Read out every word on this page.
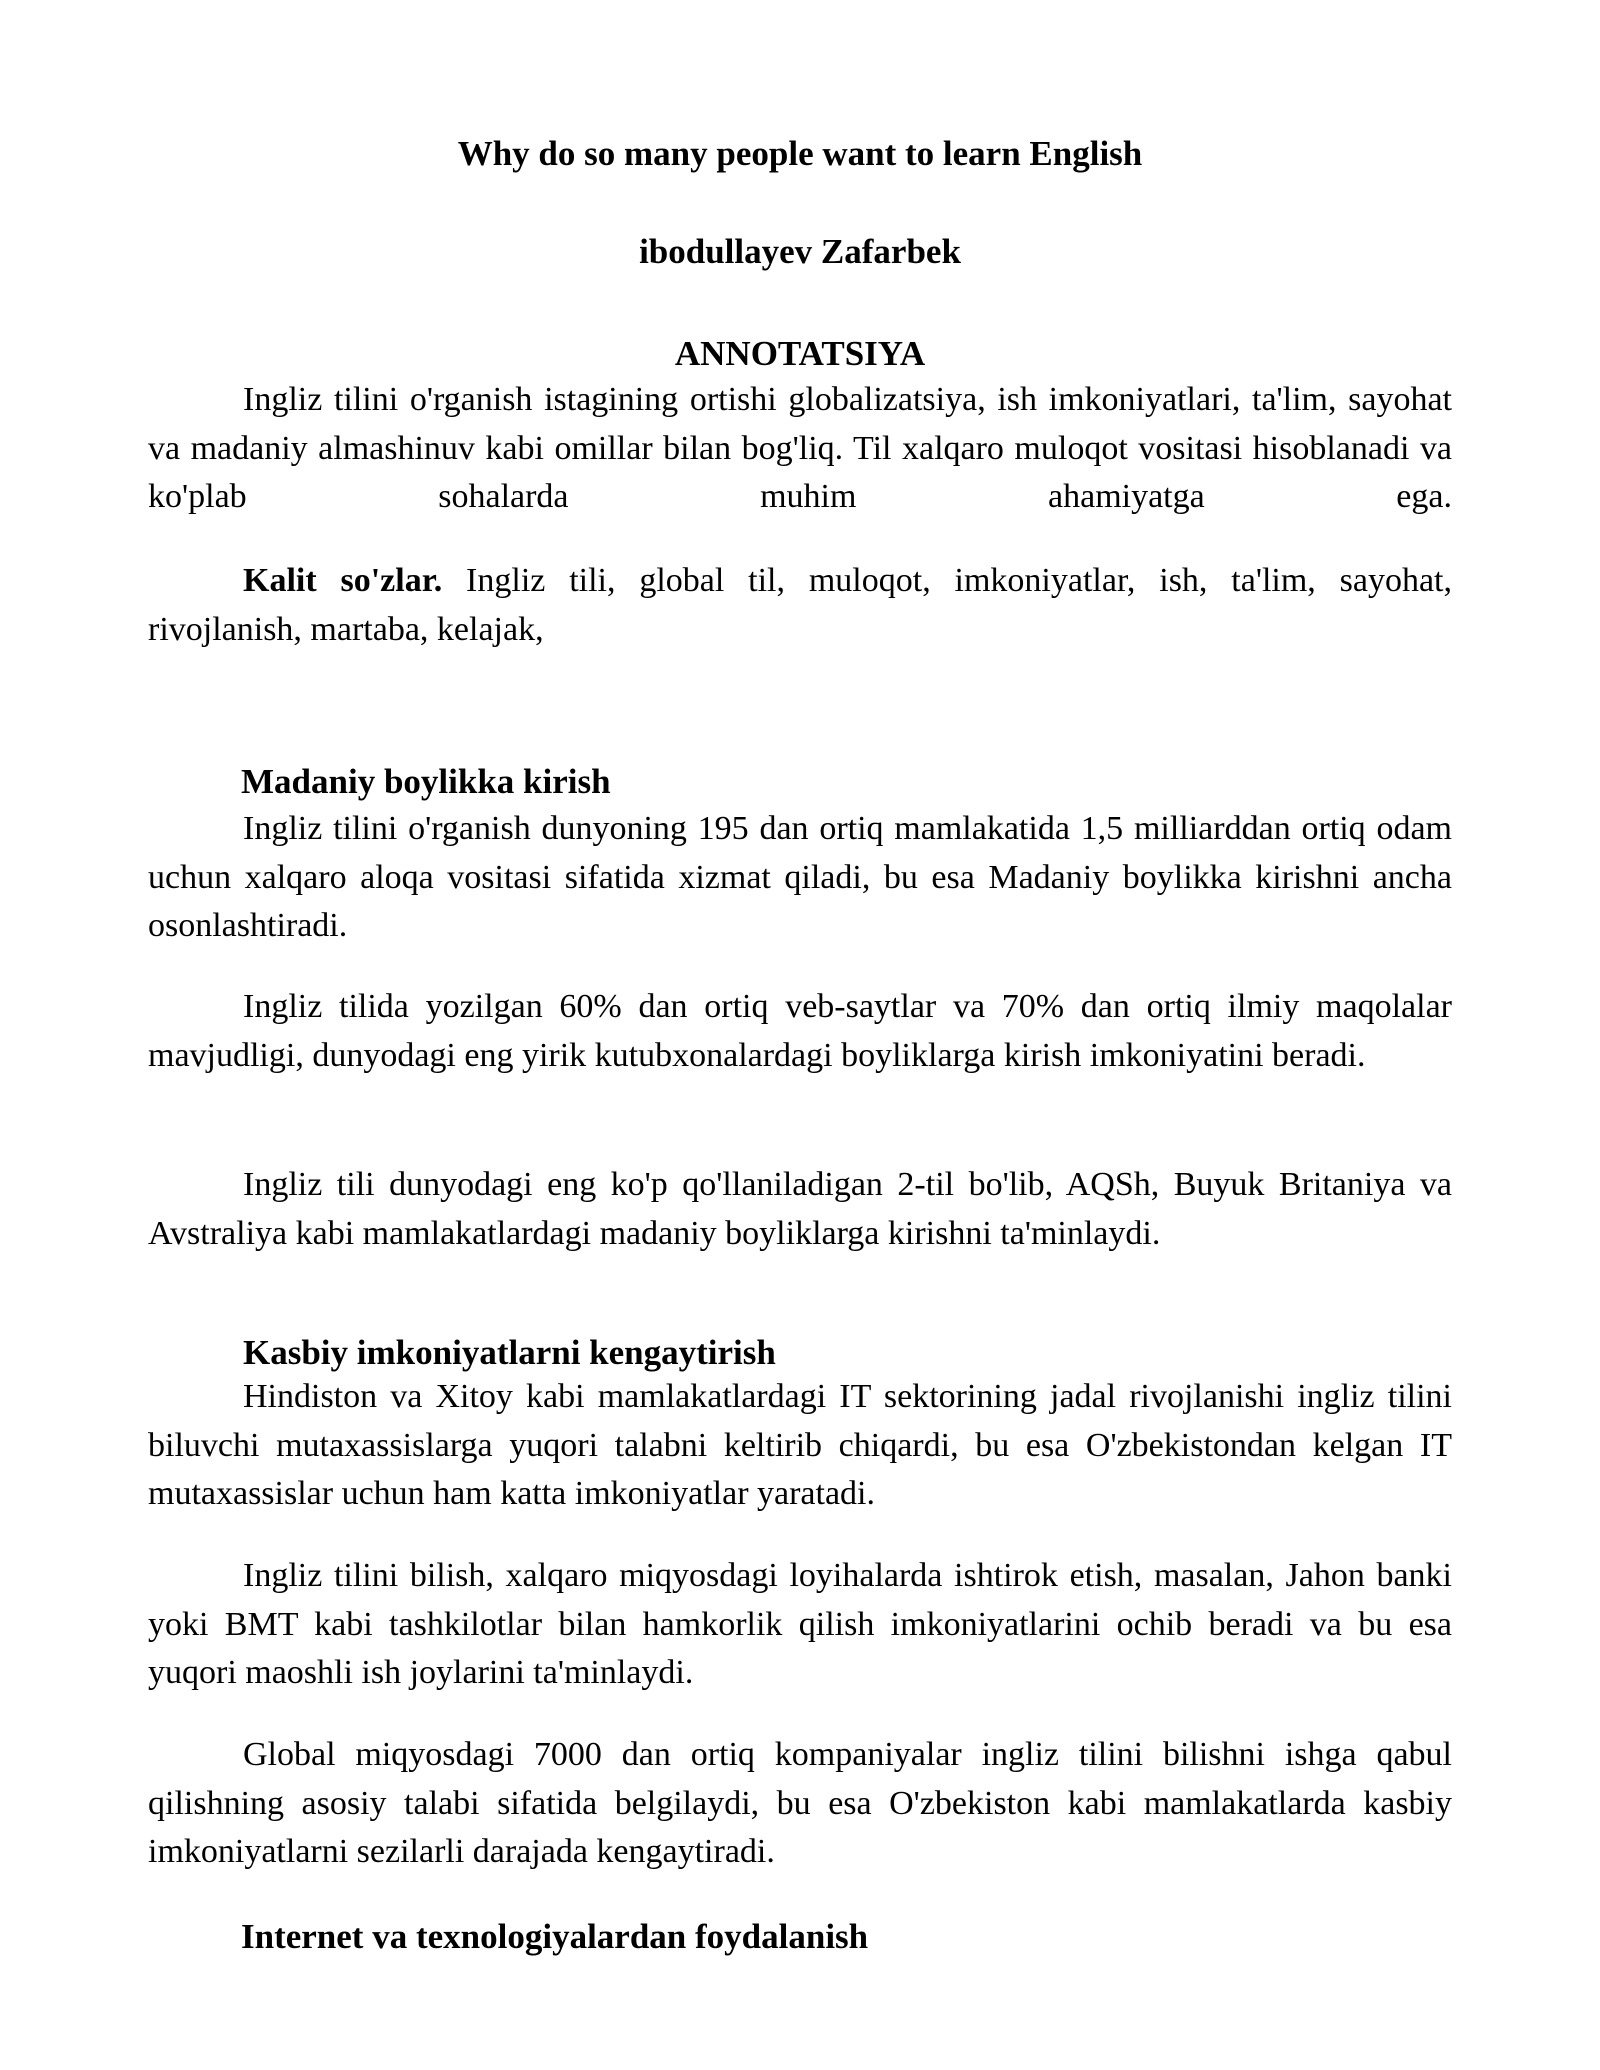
Why do so many people want to learn English
ibodullayev Zafarbek
ANNOTATSIYA

Ingliz tilini o'rganish istagining ortishi globalizatsiya, ish imkoniyatlari, ta'lim, sayohat va madaniy almashinuv kabi omillar bilan bog'liq. Til xalqaro muloqot vositasi hisoblanadi va ko'plab sohalarda muhim ahamiyatga ega.

Kalit so'zlar. Ingliz tili, global til, muloqot, imkoniyatlar, ish, ta'lim, sayohat, rivojlanish, martaba, kelajak,

Madaniy boylikka kirish

Ingliz tilini o'rganish dunyoning 195 dan ortiq mamlakatida 1,5 milliarddan ortiq odam uchun xalqaro aloqa vositasi sifatida xizmat qiladi, bu esa Madaniy boylikka kirishni ancha osonlashtiradi.

Ingliz tilida yozilgan 60% dan ortiq veb-saytlar va 70% dan ortiq ilmiy maqolalar mavjudligi, dunyodagi eng yirik kutubxonalardagi boyliklarga kirish imkoniyatini beradi.

Ingliz tili dunyodagi eng ko'p qo'llaniladigan 2-til bo'lib, AQSh, Buyuk Britaniya va Avstraliya kabi mamlakatlardagi madaniy boyliklarga kirishni ta'minlaydi.

Kasbiy imkoniyatlarni kengaytirish

Hindiston va Xitoy kabi mamlakatlardagi IT sektorining jadal rivojlanishi ingliz tilini biluvchi mutaxassislarga yuqori talabni keltirib chiqardi, bu esa O'zbekistondan kelgan IT mutaxassislar uchun ham katta imkoniyatlar yaratadi.

Ingliz tilini bilish, xalqaro miqyosdagi loyihalarda ishtirok etish, masalan, Jahon banki yoki BMT kabi tashkilotlar bilan hamkorlik qilish imkoniyatlarini ochib beradi va bu esa yuqori maoshli ish joylarini ta'minlaydi.

Global miqyosdagi 7000 dan ortiq kompaniyalar ingliz tilini bilishni ishga qabul qilishning asosiy talabi sifatida belgilaydi, bu esa O'zbekiston kabi mamlakatlarda kasbiy imkoniyatlarni sezilarli darajada kengaytiradi.

Internet va texnologiyalardan foydalanish
